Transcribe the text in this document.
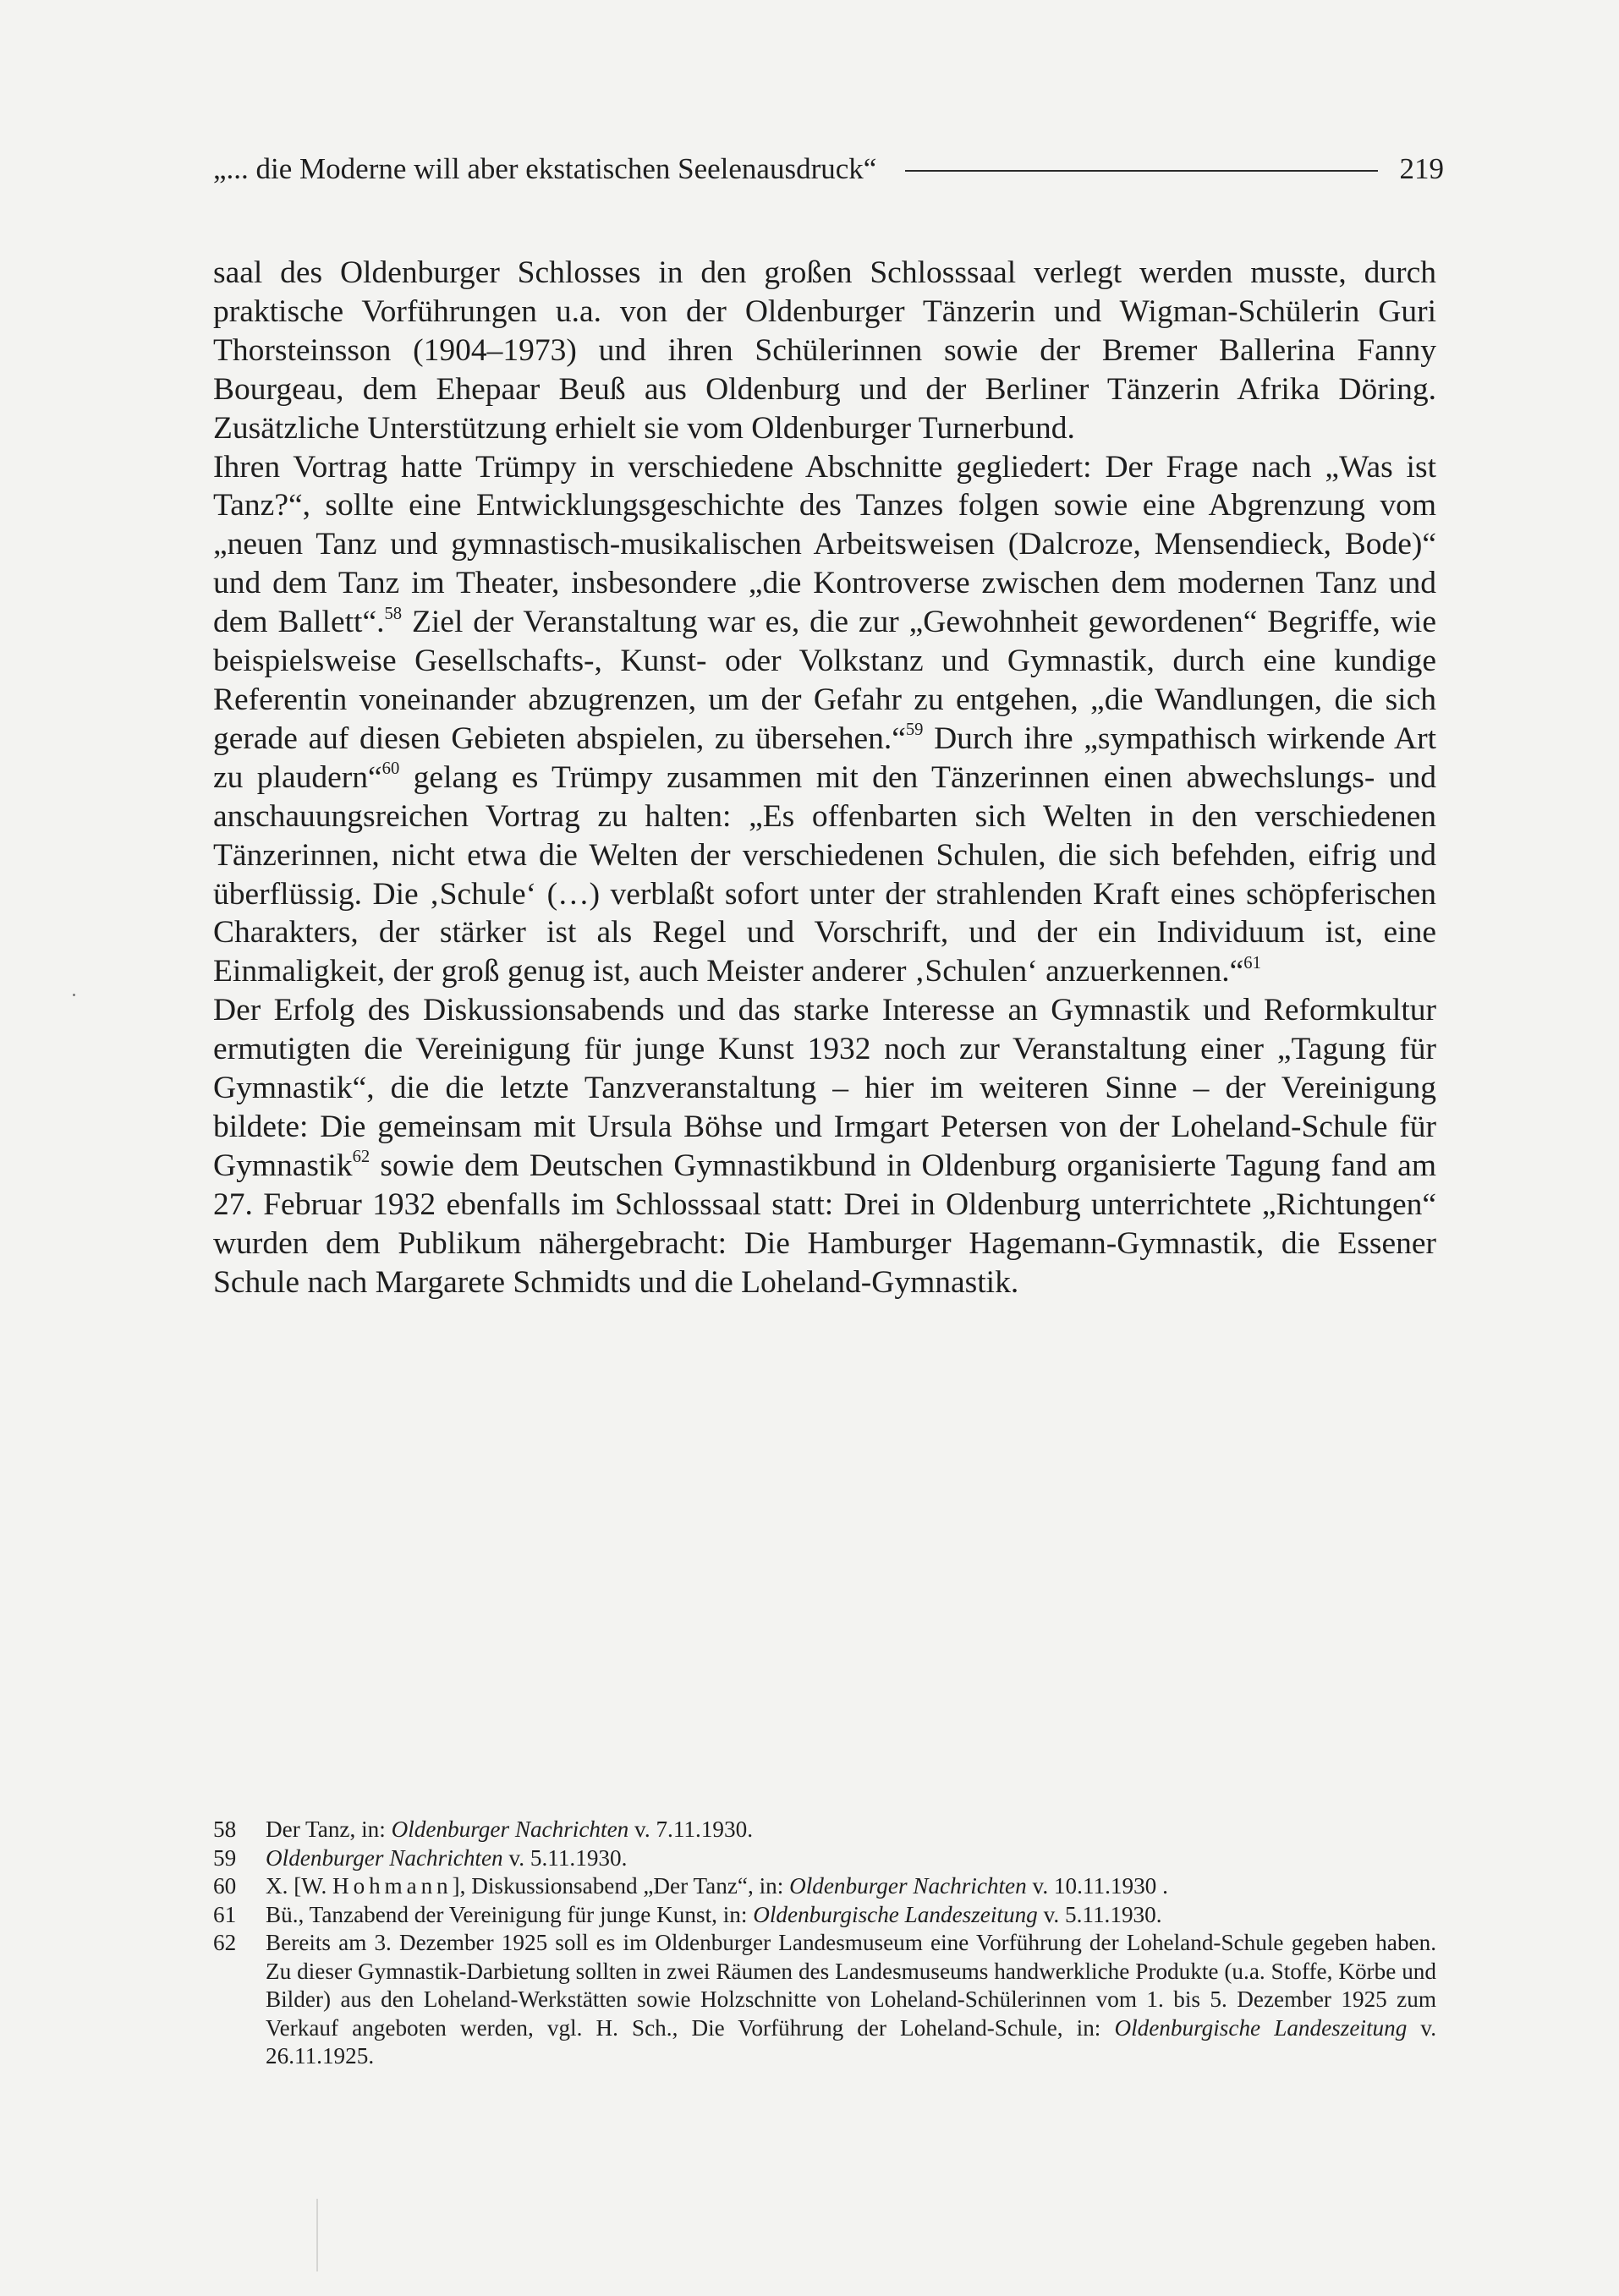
„... die Moderne will aber ekstatischen Seelenausdruck“	219

saal des Oldenburger Schlosses in den großen Schlosssaal verlegt werden musste, durch praktische Vorführungen u.a. von der Oldenburger Tänzerin und Wigman-Schülerin Guri Thorsteinsson (1904–1973) und ihren Schülerinnen sowie der Bremer Ballerina Fanny Bourgeau, dem Ehepaar Beuß aus Oldenburg und der Berliner Tänzerin Afrika Döring. Zusätzliche Unterstützung erhielt sie vom Oldenburger Turnerbund.

Ihren Vortrag hatte Trümpy in verschiedene Abschnitte gegliedert: Der Frage nach „Was ist Tanz?“, sollte eine Entwicklungsgeschichte des Tanzes folgen sowie eine Abgrenzung vom „neuen Tanz und gymnastisch-musikalischen Arbeitsweisen (Dalcroze, Mensendieck, Bode)“ und dem Tanz im Theater, insbesondere „die Kontroverse zwischen dem modernen Tanz und dem Ballett“.$^{58}$ Ziel der Veranstaltung war es, die zur „Gewohnheit gewordenen“ Begriffe, wie beispielsweise Gesellschafts-, Kunst- oder Volkstanz und Gymnastik, durch eine kundige Referentin voneinander abzugrenzen, um der Gefahr zu entgehen, „die Wandlungen, die sich gerade auf diesen Gebieten abspielen, zu übersehen.“$^{59}$ Durch ihre „sympathisch wirkende Art zu plaudern“$^{60}$ gelang es Trümpy zusammen mit den Tänzerinnen einen abwechslungs- und anschauungsreichen Vortrag zu halten: „Es offenbarten sich Welten in den verschiedenen Tänzerinnen, nicht etwa die Welten der verschiedenen Schulen, die sich befehden, eifrig und überflüssig. Die ‚Schule‘ (…) verblaßt sofort unter der strahlenden Kraft eines schöpferischen Charakters, der stärker ist als Regel und Vorschrift, und der ein Individuum ist, eine Einmaligkeit, der groß genug ist, auch Meister anderer ‚Schulen‘ anzuerkennen.“$^{61}$

Der Erfolg des Diskussionsabends und das starke Interesse an Gymnastik und Reformkultur ermutigten die Vereinigung für junge Kunst 1932 noch zur Veranstaltung einer „Tagung für Gymnastik“, die die letzte Tanzveranstaltung – hier im weiteren Sinne – der Vereinigung bildete: Die gemeinsam mit Ursula Böhse und Irmgart Petersen von der Loheland-Schule für Gymnastik$^{62}$ sowie dem Deutschen Gymnastikbund in Oldenburg organisierte Tagung fand am 27. Februar 1932 ebenfalls im Schlosssaal statt: Drei in Oldenburg unterrichtete „Richtungen“ wurden dem Publikum nähergebracht: Die Hamburger Hagemann-Gymnastik, die Essener Schule nach Margarete Schmidts und die Loheland-Gymnastik.

58	Der Tanz, in: Oldenburger Nachrichten v. 7.11.1930.
59	Oldenburger Nachrichten v. 5.11.1930.
60	X. [W. Hohmann], Diskussionsabend „Der Tanz“, in: Oldenburger Nachrichten v. 10.11.1930 .
61	Bü., Tanzabend der Vereinigung für junge Kunst, in: Oldenburgische Landeszeitung v. 5.11.1930.
62	Bereits am 3. Dezember 1925 soll es im Oldenburger Landesmuseum eine Vorführung der Loheland-Schule gegeben haben. Zu dieser Gymnastik-Darbietung sollten in zwei Räumen des Landesmuseums handwerkliche Produkte (u.a. Stoffe, Körbe und Bilder) aus den Loheland-Werkstätten sowie Holzschnitte von Loheland-Schülerinnen vom 1. bis 5. Dezember 1925 zum Verkauf angeboten werden, vgl. H. Sch., Die Vorführung der Loheland-Schule, in: Oldenburgische Landeszeitung v. 26.11.1925.
